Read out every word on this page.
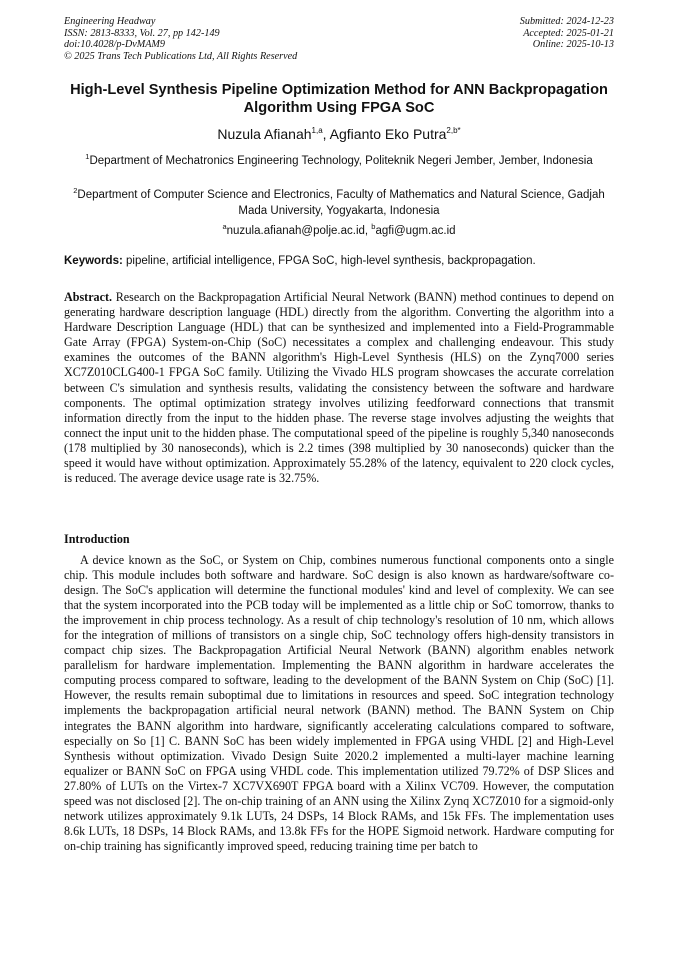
Engineering Headway
ISSN: 2813-8333, Vol. 27, pp 142-149
doi:10.4028/p-DvMAM9
© 2025 Trans Tech Publications Ltd, All Rights Reserved
Submitted: 2024-12-23
Accepted: 2025-01-21
Online: 2025-10-13
High-Level Synthesis Pipeline Optimization Method for ANN Backpropagation Algorithm Using FPGA SoC
Nuzula Afianah$^{1,a}$, Agfianto Eko Putra$^{2,b*}$
$^1$Department of Mechatronics Engineering Technology, Politeknik Negeri Jember, Jember, Indonesia
$^2$Department of Computer Science and Electronics, Faculty of Mathematics and Natural Science, Gadjah Mada University, Yogyakarta, Indonesia
$^a$nuzula.afianah@polje.ac.id, $^b$agfi@ugm.ac.id
Keywords: pipeline, artificial intelligence, FPGA SoC, high-level synthesis, backpropagation.
Abstract. Research on the Backpropagation Artificial Neural Network (BANN) method continues to depend on generating hardware description language (HDL) directly from the algorithm. Converting the algorithm into a Hardware Description Language (HDL) that can be synthesized and implemented into a Field-Programmable Gate Array (FPGA) System-on-Chip (SoC) necessitates a complex and challenging endeavour. This study examines the outcomes of the BANN algorithm's High-Level Synthesis (HLS) on the Zynq7000 series XC7Z010CLG400-1 FPGA SoC family. Utilizing the Vivado HLS program showcases the accurate correlation between C's simulation and synthesis results, validating the consistency between the software and hardware components. The optimal optimization strategy involves utilizing feedforward connections that transmit information directly from the input to the hidden phase. The reverse stage involves adjusting the weights that connect the input unit to the hidden phase. The computational speed of the pipeline is roughly 5,340 nanoseconds (178 multiplied by 30 nanoseconds), which is 2.2 times (398 multiplied by 30 nanoseconds) quicker than the speed it would have without optimization. Approximately 55.28% of the latency, equivalent to 220 clock cycles, is reduced. The average device usage rate is 32.75%.
Introduction
A device known as the SoC, or System on Chip, combines numerous functional components onto a single chip. This module includes both software and hardware. SoC design is also known as hardware/software co-design. The SoC's application will determine the functional modules' kind and level of complexity. We can see that the system incorporated into the PCB today will be implemented as a little chip or SoC tomorrow, thanks to the improvement in chip process technology. As a result of chip technology's resolution of 10 nm, which allows for the integration of millions of transistors on a single chip, SoC technology offers high-density transistors in compact chip sizes. The Backpropagation Artificial Neural Network (BANN) algorithm enables network parallelism for hardware implementation. Implementing the BANN algorithm in hardware accelerates the computing process compared to software, leading to the development of the BANN System on Chip (SoC) [1]. However, the results remain suboptimal due to limitations in resources and speed. SoC integration technology implements the backpropagation artificial neural network (BANN) method. The BANN System on Chip integrates the BANN algorithm into hardware, significantly accelerating calculations compared to software, especially on So [1] C. BANN SoC has been widely implemented in FPGA using VHDL [2] and High-Level Synthesis without optimization. Vivado Design Suite 2020.2 implemented a multi-layer machine learning equalizer or BANN SoC on FPGA using VHDL code. This implementation utilized 79.72% of DSP Slices and 27.80% of LUTs on the Virtex-7 XC7VX690T FPGA board with a Xilinx VC709. However, the computation speed was not disclosed [2]. The on-chip training of an ANN using the Xilinx Zynq XC7Z010 for a sigmoid-only network utilizes approximately 9.1k LUTs, 24 DSPs, 14 Block RAMs, and 15k FFs. The implementation uses 8.6k LUTs, 18 DSPs, 14 Block RAMs, and 13.8k FFs for the HOPE Sigmoid network. Hardware computing for on-chip training has significantly improved speed, reducing training time per batch to
